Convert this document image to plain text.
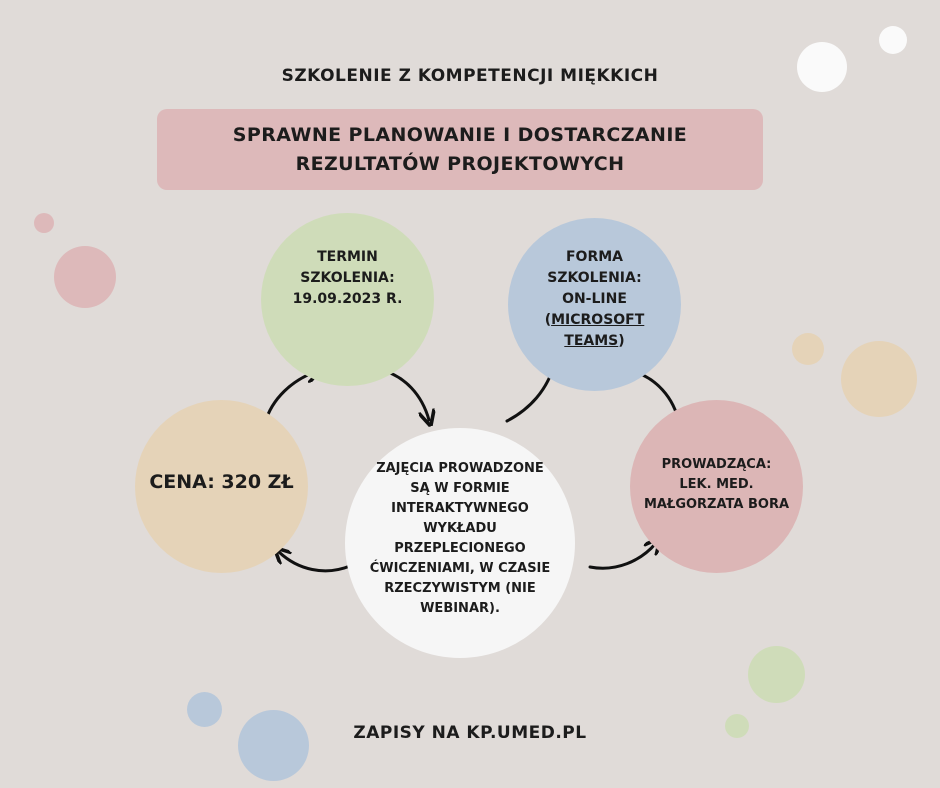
SZKOLENIE Z KOMPETENCJI MIĘKKICH
SPRAWNE PLANOWANIE I DOSTARCZANIE
REZULTATÓW PROJEKTOWYCH
TERMIN
SZKOLENIA:
19.09.2023 R.
FORMA
SZKOLENIA:
ON-LINE
(MICROSOFT
TEAMS)
CENA: 320 ZŁ
ZAJĘCIA PROWADZONE
SĄ W FORMIE
INTERAKTYWNEGO
WYKŁADU
PRZEPLECIONEGO
ĆWICZENIAMI, W CZASIE
RZECZYWISTYM (NIE
WEBINAR).
PROWADZĄCA:
LEK. MED.
MAŁGORZATA BORA
ZAPISY NA KP.UMED.PL
